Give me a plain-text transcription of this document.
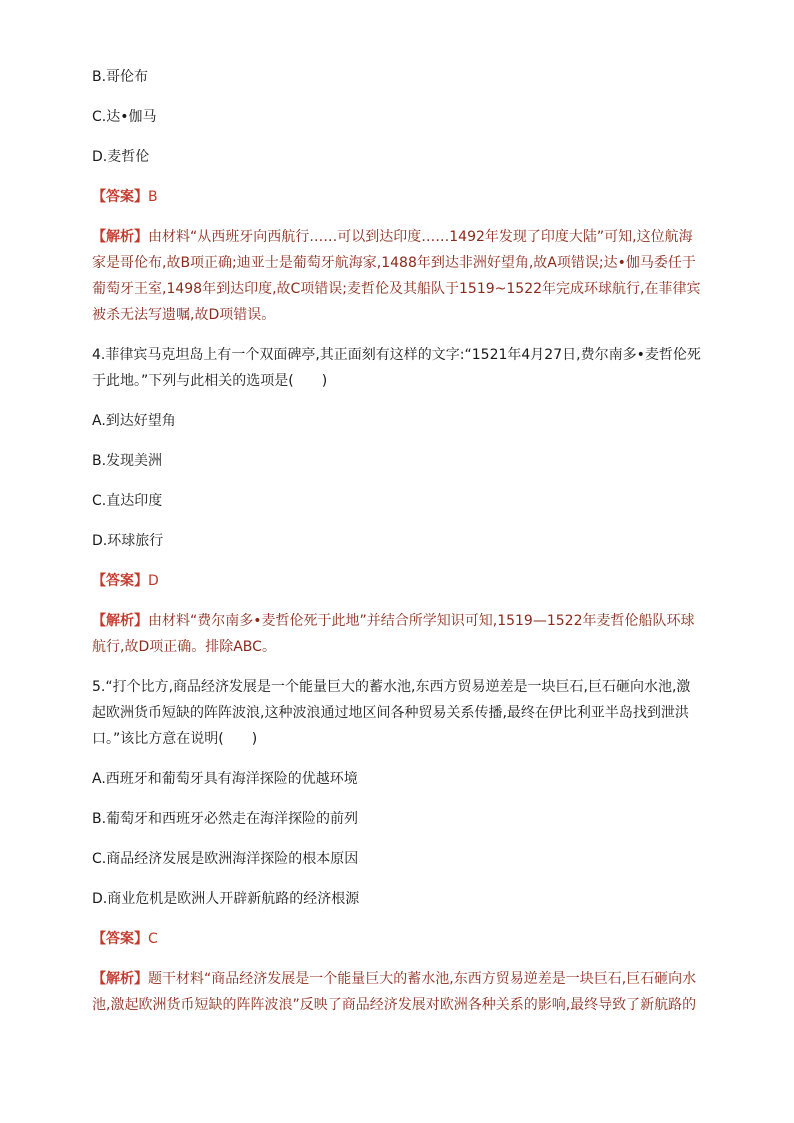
B.哥伦布
C.达•伽马
D.麦哲伦
【答案】B
【解析】由材料“从西班牙向西航行……可以到达印度……1492年发现了印度大陆”可知,这位航海家是哥伦布,故B项正确;迪亚士是葡萄牙航海家,1488年到达非洲好望角,故A项错误;达•伽马委任于葡萄牙王室,1498年到达印度,故C项错误;麦哲伦及其船队于1519~1522年完成环球航行,在菲律宾被杀无法写遗嘱,故D项错误。
4.菲律宾马克坦岛上有一个双面碑亭,其正面刻有这样的文字:“1521年4月27日,费尔南多•麦哲伦死于此地。”下列与此相关的选项是(　　)
A.到达好望角
B.发现美洲
C.直达印度
D.环球旅行
【答案】D
【解析】由材料“费尔南多•麦哲伦死于此地”并结合所学知识可知,1519—1522年麦哲伦船队环球航行,故D项正确。排除ABC。
5.“打个比方,商品经济发展是一个能量巨大的蓄水池,东西方贸易逆差是一块巨石,巨石砸向水池,激起欧洲货币短缺的阵阵波浪,这种波浪通过地区间各种贸易关系传播,最终在伊比利亚半岛找到泄洪口。”该比方意在说明(　　)
A.西班牙和葡萄牙具有海洋探险的优越环境
B.葡萄牙和西班牙必然走在海洋探险的前列
C.商品经济发展是欧洲海洋探险的根本原因
D.商业危机是欧洲人开辟新航路的经济根源
【答案】C
【解析】题干材料“商品经济发展是一个能量巨大的蓄水池,东西方贸易逆差是一块巨石,巨石砸向水池,激起欧洲货币短缺的阵阵波浪”反映了商品经济发展对欧洲各种关系的影响,最终导致了新航路的
